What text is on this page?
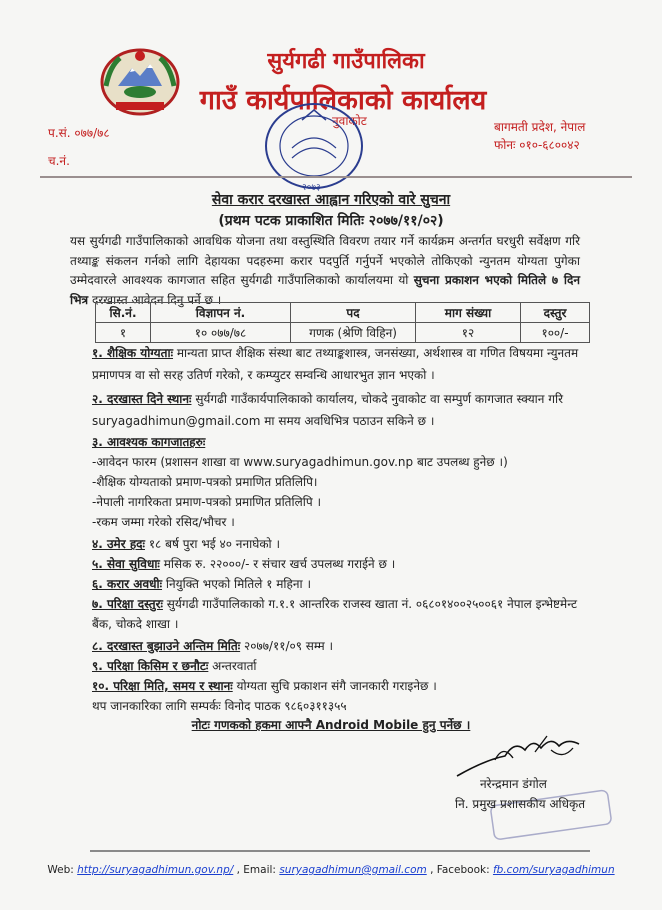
सुर्यगढी गाउँपालिका
गाउँ कार्यपालिकाको कार्यालय
प.सं. ०७७/७८
च.नं.
नुवाकोट	बागमती प्रदेश, नेपाल
फोनः ०१०-६८००४२
२०७३
सेवा करार दरखास्त आह्वान गरिएको वारे सुचना
(प्रथम पटक प्राकाशित मितिः २०७७/११/०२)
यस सुर्यगढी गाउँपालिकाको आवधिक योजना तथा वस्तुस्थिति विवरण तयार गर्ने कार्यक्रम अन्तर्गत घरधुरी सर्वेक्षण गरि तथ्याङ्क संकलन गर्नको लागि देहायका पदहरुमा करार पदपुर्ति गर्नुपर्ने भएकोले तोकिएको न्युनतम योग्यता पुगेका उम्मेदवारले आवश्यक कागजात सहित सुर्यगढी गाउँपालिकाको कार्यालयमा यो सुचना प्रकाशन भएको मितिले ७ दिन भित्र दरखास्त आवेदन दिनु पर्ने छ ।
सि.नं.	विज्ञापन नं.	पद	माग संख्या	दस्तुर
१	१० ०७७/७८	गणक (श्रेणि विहिन)	१२	१००/-
१. शैक्षिक योग्यताः मान्यता प्राप्त शैक्षिक संस्था बाट तथ्याङ्कशास्त्र, जनसंख्या, अर्थशास्त्र वा गणित विषयमा न्युनतम प्रमाणपत्र वा सो सरह उतिर्ण गरेको, र कम्प्युटर सम्वन्धि आधारभुत ज्ञान भएको ।
२. दरखास्त दिने स्थानः सुर्यगढी गाउँकार्यपालिकाको कार्यालय, चोकदे नुवाकोट वा सम्पुर्ण कागजात स्क्यान गरि suryagadhimun@gmail.com मा समय अवधिभित्र पठाउन सकिने छ ।
३. आवश्यक कागजातहरुः
-आवेदन फारम (प्रशासन शाखा वा www.suryagadhimun.gov.np बाट उपलब्ध हुनेछ ।)
-शैक्षिक योग्यताको प्रमाण-पत्रको प्रमाणित प्रतिलिपि।
-नेपाली नागरिकता प्रमाण-पत्रको प्रमाणित प्रतिलिपि ।
-रकम जम्मा गरेको रसिद/भौचर ।
४. उमेर हदः १८ बर्ष पुरा भई ४० ननाघेको ।
५. सेवा सुविधाः मसिक रु. २२०००/- र संचार खर्च उपलब्ध गराईने छ ।
६. करार अवधीः नियुक्ति भएको मितिले १ महिना ।
७. परिक्षा दस्तुरः सुर्यगढी गाउँपालिकाको ग.१.१ आन्तरिक राजस्व खाता नं. ०६८०१४००२५००६१ नेपाल इन्भेष्टमेन्ट बैंक, चोकदे शाखा ।
८. दरखास्त बुझाउने अन्तिम मितिः २०७७/११/०९ सम्म ।
९. परिक्षा किसिम र छनौटः अन्तरवार्ता
१०. परिक्षा मिति, समय र स्थानः योग्यता सुचि प्रकाशन संगै जानकारी गराइनेछ ।
थप जानकारिका लागि सम्पर्कः विनोद पाठक ९८६०३११३५५
नोटः गणकको हकमा आफ्नै Android Mobile हुनु पर्नेछ ।
नरेन्द्रमान डंगोल
नि. प्रमुख प्रशासकीय अधिकृत
Web: http://suryagadhimun.gov.np/ , Email: suryagadhimun@gmail.com , Facebook: fb.com/suryagadhimun
